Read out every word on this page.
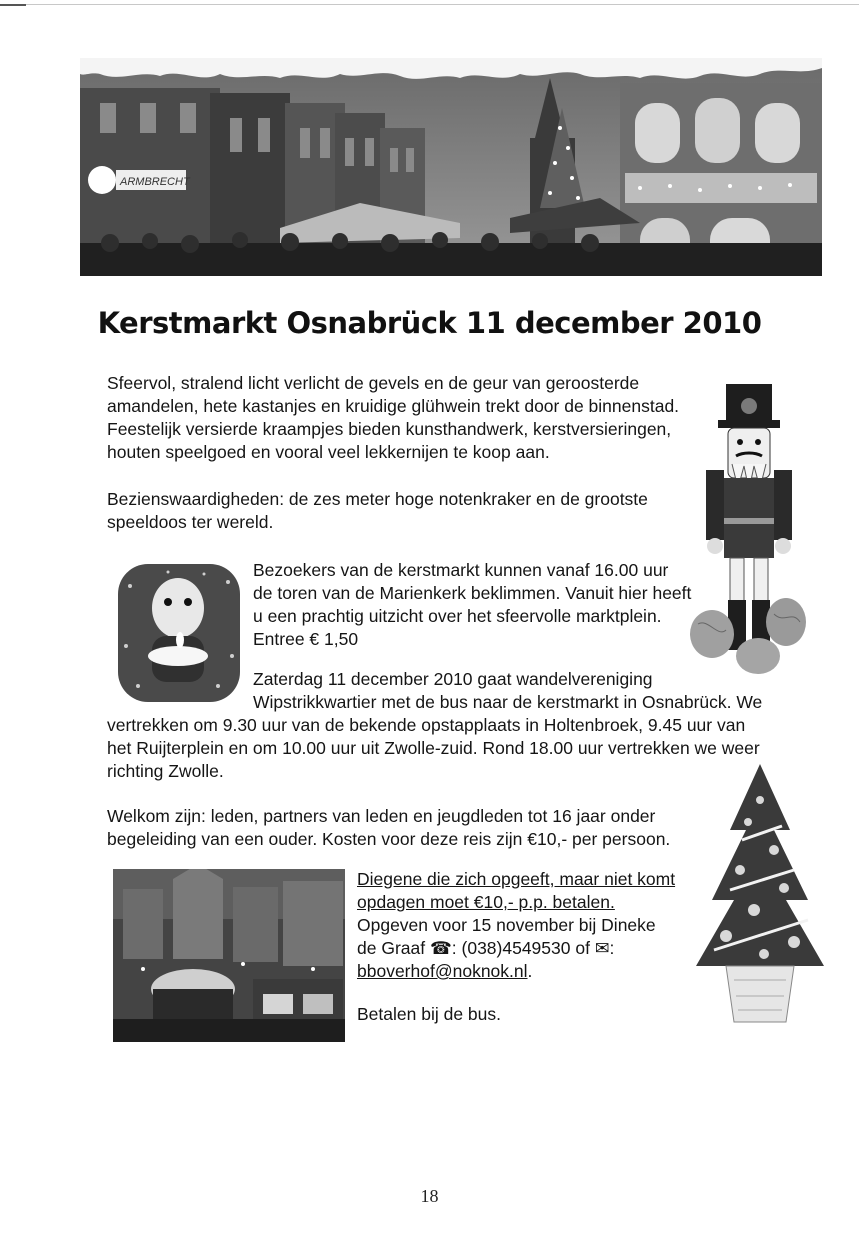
ARMBRECHT
Kerstmarkt Osnabrück 11 december 2010

Sfeervol, stralend licht verlicht de gevels en de geur van geroosterde

amandelen, hete kastanjes en kruidige glühwein trekt door de binnenstad.

Feestelijk versierde kraampjes bieden kunsthandwerk, kerstversieringen,

houten speelgoed en vooral veel lekkernijen te koop aan.

Bezienswaardigheden: de zes meter hoge notenkraker en de grootste

speeldoos ter wereld.

Bezoekers van de kerstmarkt kunnen vanaf 16.00 uur

de toren van de Marienkerk beklimmen. Vanuit hier heeft

u een prachtig uitzicht over het sfeervolle marktplein.

Entree € 1,50

Zaterdag 11 december 2010 gaat wandelvereniging

Wipstrikkwartier met de bus naar de kerstmarkt in Osnabrück. We

vertrekken om 9.30 uur van de bekende opstapplaats in Holtenbroek, 9.45 uur van

het Ruijterplein en om 10.00 uur uit Zwolle-zuid. Rond 18.00 uur vertrekken we weer

richting Zwolle.

Welkom zijn: leden, partners van leden en jeugdleden tot 16 jaar onder

begeleiding van een ouder. Kosten voor deze reis zijn €10,- per persoon.

Diegene die zich opgeeft, maar niet komt

opdagen moet €10,- p.p. betalen.

Opgeven voor 15 november bij Dineke

de Graaf ☎: (038)4549530 of ✉:

bboverhof@noknok.nl.

Betalen bij de bus.

18
